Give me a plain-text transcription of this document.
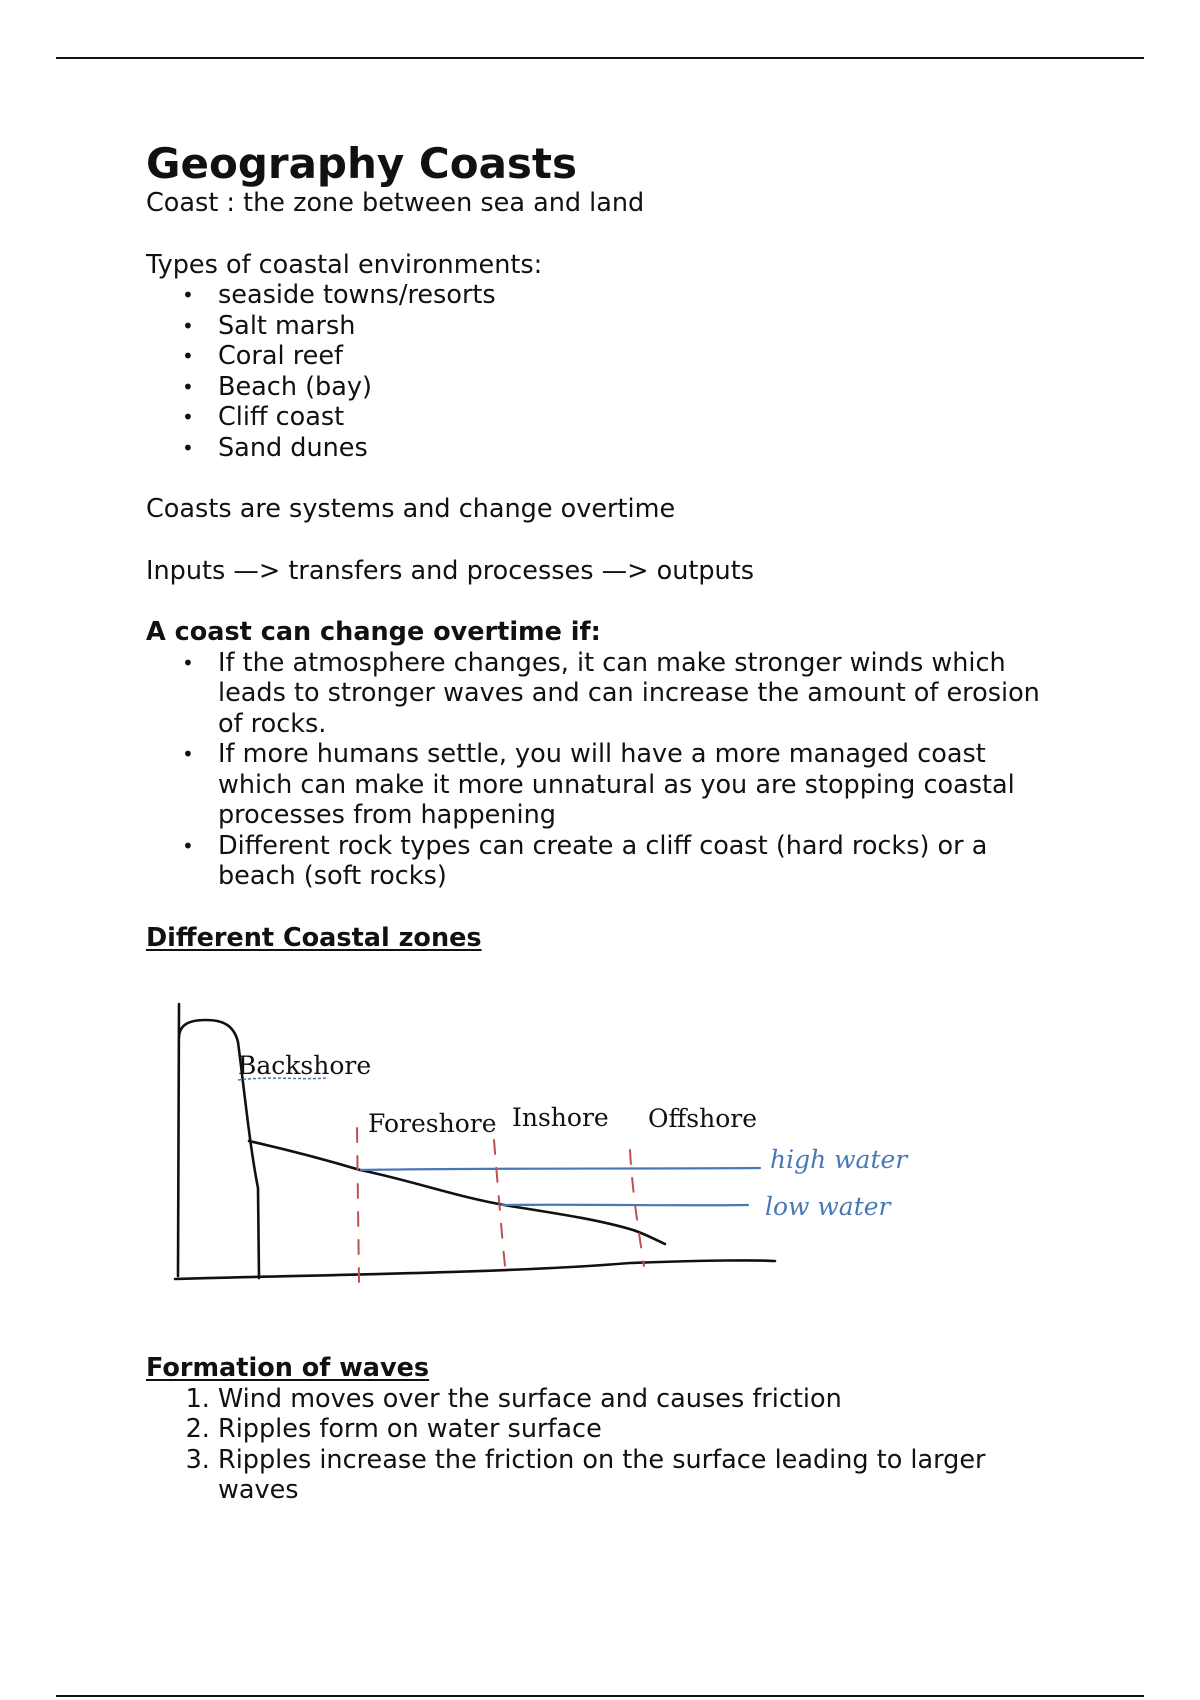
Geography Coasts

Coast : the zone between sea and land

Types of coastal environments:

• seaside towns/resorts
• Salt marsh
• Coral reef
• Beach (bay)
• Cliff coast
• Sand dunes

Coasts are systems and change overtime

Inputs —> transfers and processes —> outputs

A coast can change overtime if:

• If the atmosphere changes, it can make stronger winds which leads to stronger waves and can increase the amount of erosion of rocks.
• If more humans settle, you will have a more managed coast which can make it more unnatural as you are stopping coastal processes from happening
• Different rock types can create a cliff coast (hard rocks) or a beach (soft rocks)

Different Coastal zones

Backshore
Foreshore Inshore Offshore
high water
low water

Formation of waves

1. Wind moves over the surface and causes friction
2. Ripples form on water surface
3. Ripples increase the friction on the surface leading to larger waves
